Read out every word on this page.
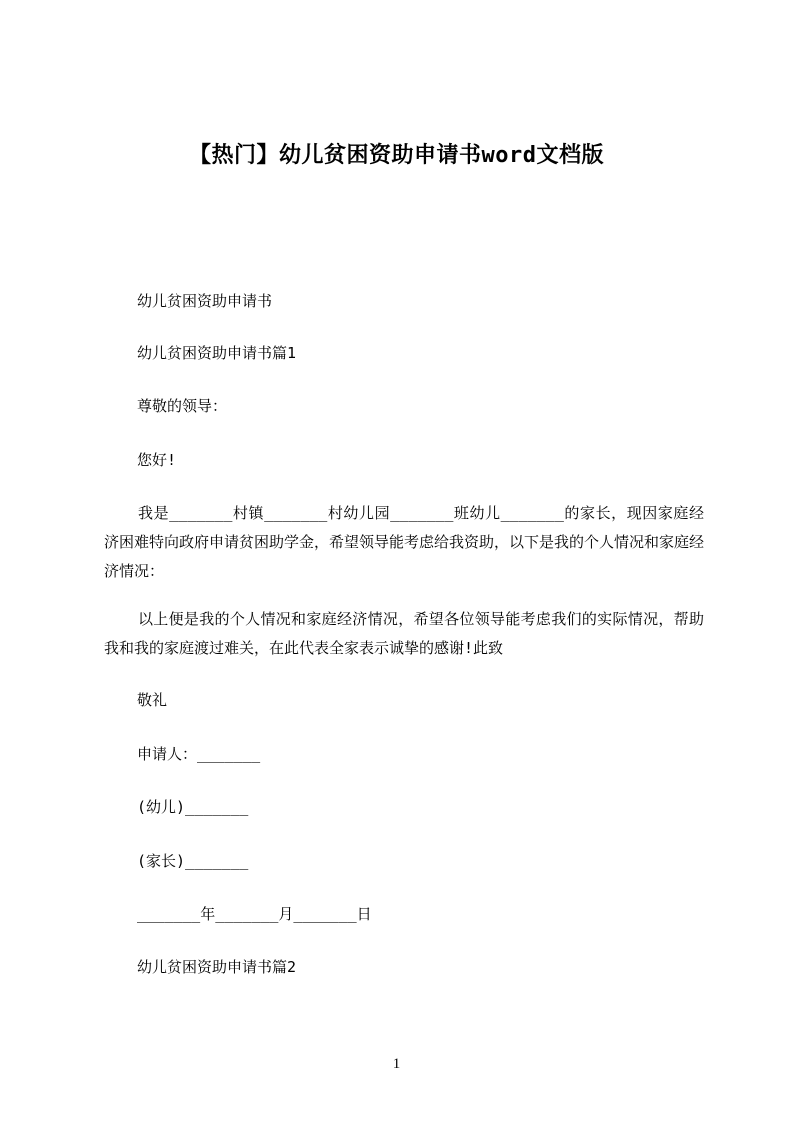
【热门】幼儿贫困资助申请书word文档版
幼儿贫困资助申请书
幼儿贫困资助申请书篇1
尊敬的领导：
您好!
我是_______村镇_______村幼儿园_______班幼儿_______的家长，现因家庭经济困难特向政府申请贫困助学金，希望领导能考虑给我资助，以下是我的个人情况和家庭经济情况：
以上便是我的个人情况和家庭经济情况，希望各位领导能考虑我们的实际情况，帮助我和我的家庭渡过难关，在此代表全家表示诚挚的感谢!此致
敬礼
申请人：_______
(幼儿)_______
(家长)_______
_______年_______月_______日
幼儿贫困资助申请书篇2
1
